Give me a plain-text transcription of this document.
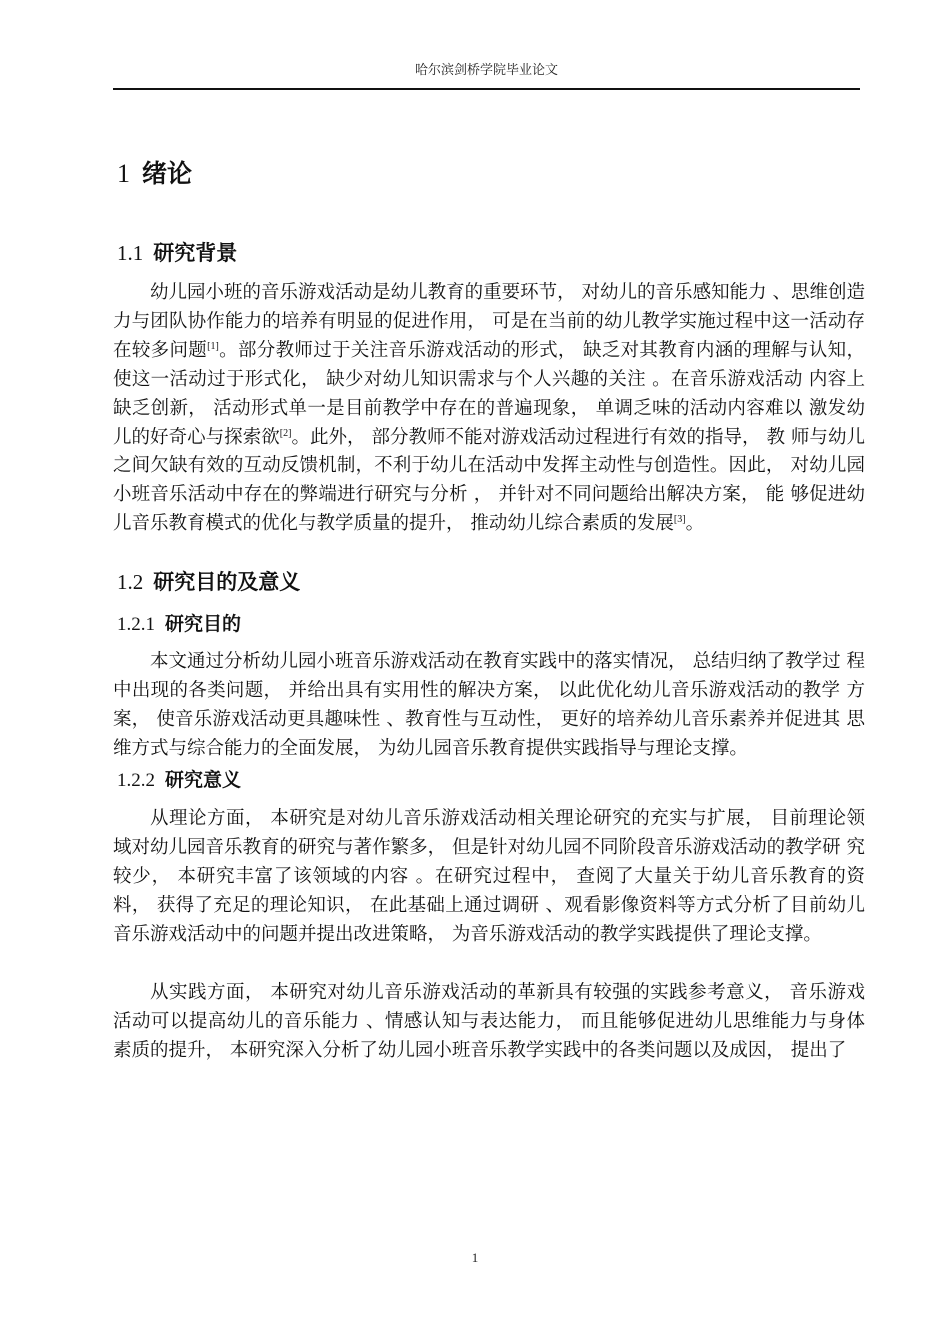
哈尔滨剑桥学院毕业论文
1 绪论
1.1 研究背景

幼儿园小班的音乐游戏活动是幼儿教育的重要环节， 对幼儿的音乐感知能力 、思维创造力与团队协作能力的培养有明显的促进作用， 可是在当前的幼儿教学实施过程中这一活动存在较多问题[1]。部分教师过于关注音乐游戏活动的形式， 缺乏对其教育内涵的理解与认知， 使这一活动过于形式化， 缺少对幼儿知识需求与个人兴趣的关注 。在音乐游戏活动 内容上缺乏创新， 活动形式单一是目前教学中存在的普遍现象， 单调乏味的活动内容难以 激发幼儿的好奇心与探索欲[2]。此外， 部分教师不能对游戏活动过程进行有效的指导， 教 师与幼儿之间欠缺有效的互动反馈机制，不利于幼儿在活动中发挥主动性与创造性。因此， 对幼儿园小班音乐活动中存在的弊端进行研究与分析 ， 并针对不同问题给出解决方案， 能 够促进幼儿音乐教育模式的优化与教学质量的提升， 推动幼儿综合素质的发展[3]。

1.2 研究目的及意义
1.2.1 研究目的

本文通过分析幼儿园小班音乐游戏活动在教育实践中的落实情况， 总结归纳了教学过 程中出现的各类问题， 并给出具有实用性的解决方案， 以此优化幼儿音乐游戏活动的教学 方案， 使音乐游戏活动更具趣味性 、教育性与互动性， 更好的培养幼儿音乐素养并促进其 思维方式与综合能力的全面发展， 为幼儿园音乐教育提供实践指导与理论支撑。

1.2.2 研究意义

从理论方面， 本研究是对幼儿音乐游戏活动相关理论研究的充实与扩展， 目前理论领 域对幼儿园音乐教育的研究与著作繁多， 但是针对幼儿园不同阶段音乐游戏活动的教学研 究较少， 本研究丰富了该领域的内容 。在研究过程中， 查阅了大量关于幼儿音乐教育的资 料， 获得了充足的理论知识， 在此基础上通过调研 、观看影像资料等方式分析了目前幼儿 音乐游戏活动中的问题并提出改进策略， 为音乐游戏活动的教学实践提供了理论支撑。

从实践方面， 本研究对幼儿音乐游戏活动的革新具有较强的实践参考意义， 音乐游戏 活动可以提高幼儿的音乐能力 、情感认知与表达能力， 而且能够促进幼儿思维能力与身体 素质的提升， 本研究深入分析了幼儿园小班音乐教学实践中的各类问题以及成因， 提出了

1
